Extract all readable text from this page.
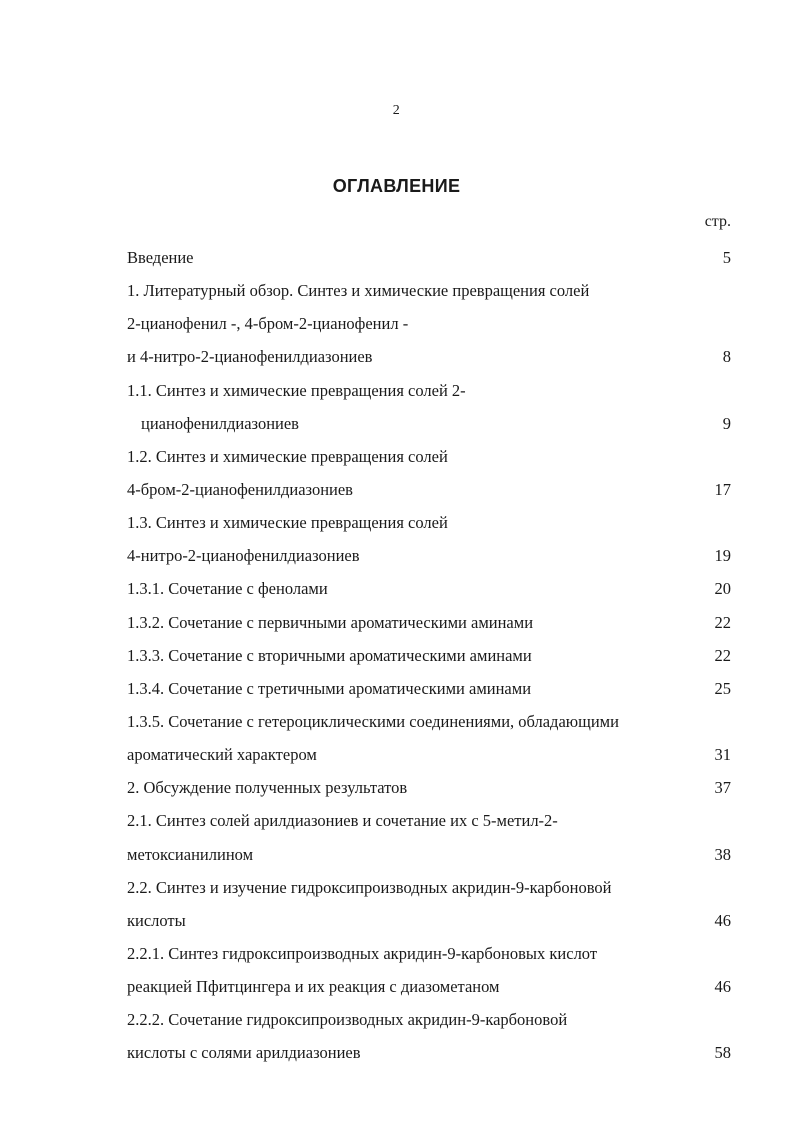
2
ОГЛАВЛЕНИЕ
стр.
Введение	5
1. Литературный обзор. Синтез и химические превращения солей
2-цианофенил -, 4-бром-2-цианофенил -
и 4-нитро-2-цианофенилдиазониев	8
1.1. Синтез и химические превращения солей 2-
цианофенилдиазониев	9
1.2. Синтез и химические превращения солей
4-бром-2-цианофенилдиазониев	17
1.3. Синтез и химические превращения солей
4-нитро-2-цианофенилдиазониев	19
1.3.1. Сочетание с фенолами	20
1.3.2. Сочетание с первичными ароматическими аминами	22
1.3.3. Сочетание с вторичными ароматическими аминами	22
1.3.4. Сочетание с третичными ароматическими аминами	25
1.3.5. Сочетание с гетероциклическими соединениями, обладающими
ароматический характером	31
2. Обсуждение полученных результатов	37
2.1. Синтез солей арилдиазониев и сочетание их с 5-метил-2-
метоксианилином	38
2.2. Синтез и изучение гидроксипроизводных акридин-9-карбоновой
кислоты	46
2.2.1. Синтез гидроксипроизводных акридин-9-карбоновых кислот
реакцией Пфитцингера и их реакция с диазометаном	46
2.2.2. Сочетание гидроксипроизводных акридин-9-карбоновой
кислоты с солями арилдиазониев	58
